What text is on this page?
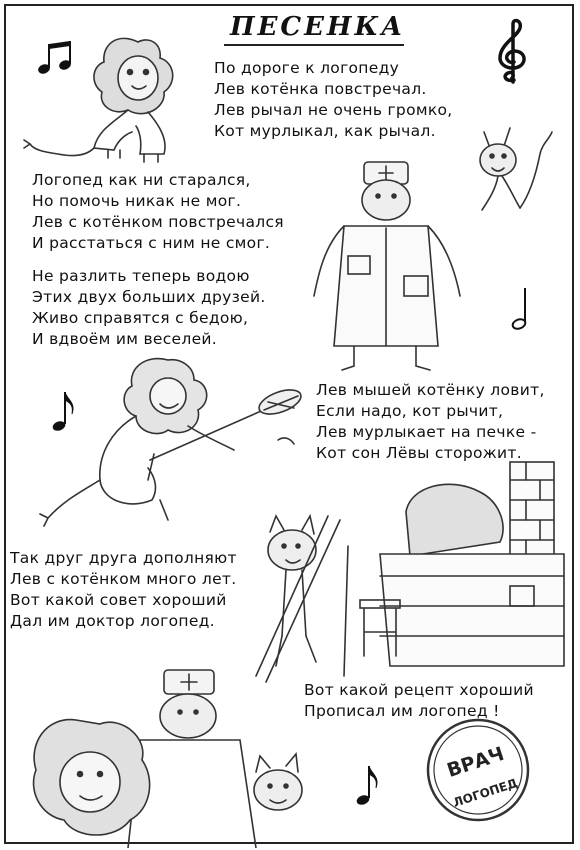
ПЕСЕНКА
По дороге к логопеду
Лев котёнка повстречал.
Лев рычал не очень громко,
Кот мурлыкал, как рычал.
Логопед как ни старался,
Но помочь никак не мог.
Лев с котёнком повстречался
И расстаться с ним не смог.
Не разлить теперь водою
Этих двух больших друзей.
Живо справятся с бедою,
И вдвоём им веселей.
Лев мышей котёнку ловит,
Если надо, кот рычит,
Лев мурлыкает на печке -
Кот сон Лёвы сторожит.
Так друг друга дополняют
Лев с котёнком много лет.
Вот какой совет хороший
Дал им доктор логопед.
Вот какой рецепт хороший
Прописал им логопед !
ВРАЧ
ЛОГОПЕД
